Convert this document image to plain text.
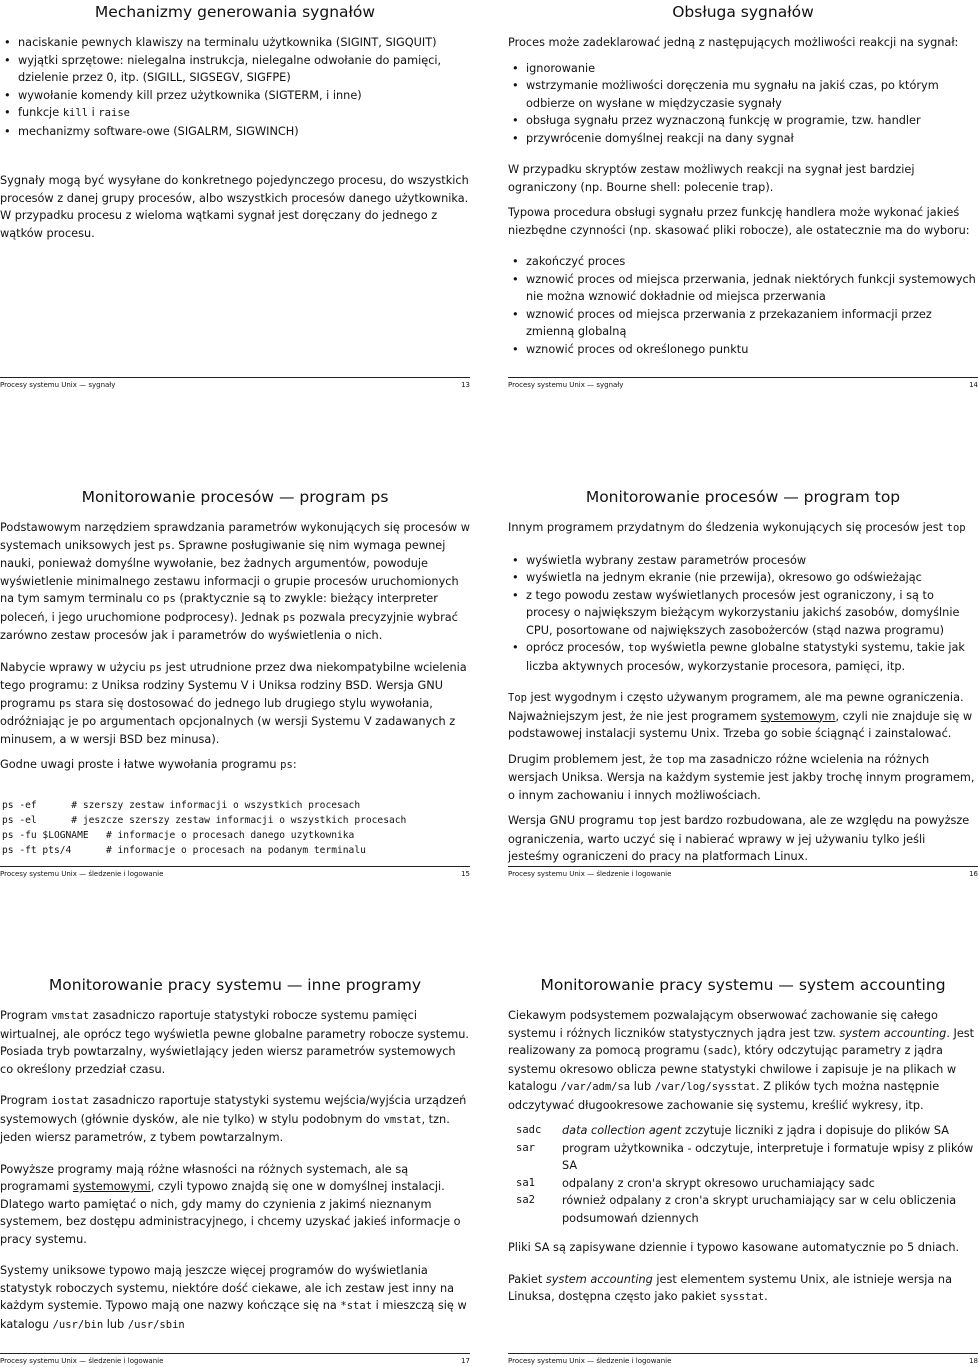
Mechanizmy generowania sygnałów
• naciskanie pewnych klawiszy na terminalu użytkownika (SIGINT, SIGQUIT)
• wyjątki sprzętowe: nielegalna instrukcja, nielegalne odwołanie do pamięci, dzielenie przez 0, itp. (SIGILL, SIGSEGV, SIGFPE)
• wywołanie komendy kill przez użytkownika (SIGTERM, i inne)
• funkcje kill i raise
• mechanizmy software-owe (SIGALRM, SIGWINCH)

Sygnały mogą być wysyłane do konkretnego pojedynczego procesu, do wszystkich procesów z danej grupy procesów, albo wszystkich procesów danego użytkownika. W przypadku procesu z wieloma wątkami sygnał jest doręczany do jednego z wątków procesu.

Procesy systemu Unix — sygnały	13
Obsługa sygnałów

Proces może zadeklarować jedną z następujących możliwości reakcji na sygnał:

• ignorowanie
• wstrzymanie możliwości doręczenia mu sygnału na jakiś czas, po którym odbierze on wysłane w międzyczasie sygnały
• obsługa sygnału przez wyznaczoną funkcję w programie, tzw. handler
• przywrócenie domyślnej reakcji na dany sygnał

W przypadku skryptów zestaw możliwych reakcji na sygnał jest bardziej ograniczony (np. Bourne shell: polecenie trap).

Typowa procedura obsługi sygnału przez funkcję handlera może wykonać jakieś niezbędne czynności (np. skasować pliki robocze), ale ostatecznie ma do wyboru:

• zakończyć proces
• wznowić proces od miejsca przerwania, jednak niektórych funkcji systemowych nie można wznowić dokładnie od miejsca przerwania
• wznowić proces od miejsca przerwania z przekazaniem informacji przez zmienną globalną
• wznowić proces od określonego punktu
Procesy systemu Unix — sygnały	14
Monitorowanie procesów — program ps

Podstawowym narzędziem sprawdzania parametrów wykonujących się procesów w systemach uniksowych jest ps. Sprawne posługiwanie się nim wymaga pewnej nauki, ponieważ domyślne wywołanie, bez żadnych argumentów, powoduje wyświetlenie minimalnego zestawu informacji o grupie procesów uruchomionych na tym samym terminalu co ps (praktycznie są to zwykle: bieżący interpreter poleceń, i jego uruchomione podprocesy). Jednak ps pozwala precyzyjnie wybrać zarówno zestaw procesów jak i parametrów do wyświetlenia o nich.

Nabycie wprawy w użyciu ps jest utrudnione przez dwa niekompatybilne wcielenia tego programu: z Uniksa rodziny Systemu V i Uniksa rodziny BSD. Wersja GNU programu ps stara się dostosować do jednego lub drugiego stylu wywołania, odróżniając je po argumentach opcjonalnych (w wersji Systemu V zadawanych z minusem, a w wersji BSD bez minusa).

Godne uwagi proste i łatwe wywołania programu ps:

ps -ef      # szerszy zestaw informacji o wszystkich procesach
ps -el      # jeszcze szerszy zestaw informacji o wszystkich procesach
ps -fu $LOGNAME   # informacje o procesach danego uzytkownika
ps -ft pts/4      # informacje o procesach na podanym terminalu
Procesy systemu Unix — śledzenie i logowanie	15
Monitorowanie procesów — program top

Innym programem przydatnym do śledzenia wykonujących się procesów jest top

• wyświetla wybrany zestaw parametrów procesów
• wyświetla na jednym ekranie (nie przewija), okresowo go odświeżając
• z tego powodu zestaw wyświetlanych procesów jest ograniczony, i są to procesy o największym bieżącym wykorzystaniu jakichś zasobów, domyślnie CPU, posortowane od największych zasobożerców (stąd nazwa programu)
• oprócz procesów, top wyświetla pewne globalne statystyki systemu, takie jak liczba aktywnych procesów, wykorzystanie procesora, pamięci, itp.

Top jest wygodnym i często używanym programem, ale ma pewne ograniczenia. Najważniejszym jest, że nie jest programem systemowym, czyli nie znajduje się w podstawowej instalacji systemu Unix. Trzeba go sobie ściągnąć i zainstalować.

Drugim problemem jest, że top ma zasadniczo różne wcielenia na różnych wersjach Uniksa. Wersja na każdym systemie jest jakby trochę innym programem, o innym zachowaniu i innych możliwościach.

Wersja GNU programu top jest bardzo rozbudowana, ale ze względu na powyższe ograniczenia, warto uczyć się i nabierać wprawy w jej używaniu tylko jeśli jesteśmy ograniczeni do pracy na platformach Linux.

Procesy systemu Unix — śledzenie i logowanie	16
Monitorowanie pracy systemu — inne programy

Program vmstat zasadniczo raportuje statystyki robocze systemu pamięci wirtualnej, ale oprócz tego wyświetla pewne globalne parametry robocze systemu. Posiada tryb powtarzalny, wyświetlający jeden wiersz parametrów systemowych co określony przedział czasu.

Program iostat zasadniczo raportuje statystyki systemu wejścia/wyjścia urządzeń systemowych (głównie dysków, ale nie tylko) w stylu podobnym do vmstat, tzn. jeden wiersz parametrów, z tybem powtarzalnym.

Powyższe programy mają różne własności na różnych systemach, ale są programami systemowymi, czyli typowo znajdą się one w domyślnej instalacji. Dlatego warto pamiętać o nich, gdy mamy do czynienia z jakimś nieznanym systemem, bez dostępu administracyjnego, i chcemy uzyskać jakieś informacje o pracy systemu.

Systemy uniksowe typowo mają jeszcze więcej programów do wyświetlania statystyk roboczych systemu, niektóre dość ciekawe, ale ich zestaw jest inny na każdym systemie. Typowo mają one nazwy kończące się na *stat i mieszczą się w katalogu /usr/bin lub /usr/sbin

Procesy systemu Unix — śledzenie i logowanie	17
Monitorowanie pracy systemu — system accounting

Ciekawym podsystemem pozwalającym obserwować zachowanie się całego systemu i różnych liczników statystycznych jądra jest tzw. system accounting. Jest realizowany za pomocą programu (sadc), który odczytując parametry z jądra systemu okresowo oblicza pewne statystyki chwilowe i zapisuje je na plikach w katalogu /var/adm/sa lub /var/log/sysstat. Z plików tych można następnie odczytywać długookresowe zachowanie się systemu, kreślić wykresy, itp.

sadc	data collection agent zczytuje liczniki z jądra i dopisuje do plików SA
sar	program użytkownika - odczytuje, interpretuje i formatuje wpisy z plików SA
sa1	odpalany z cron'a skrypt okresowo uruchamiający sadc
sa2	również odpalany z cron'a skrypt uruchamiający sar w celu obliczenia podsumowań dziennych

Pliki SA są zapisywane dziennie i typowo kasowane automatycznie po 5 dniach.

Pakiet system accounting jest elementem systemu Unix, ale istnieje wersja na Linuksa, dostępna często jako pakiet sysstat.

Procesy systemu Unix — śledzenie i logowanie	18
